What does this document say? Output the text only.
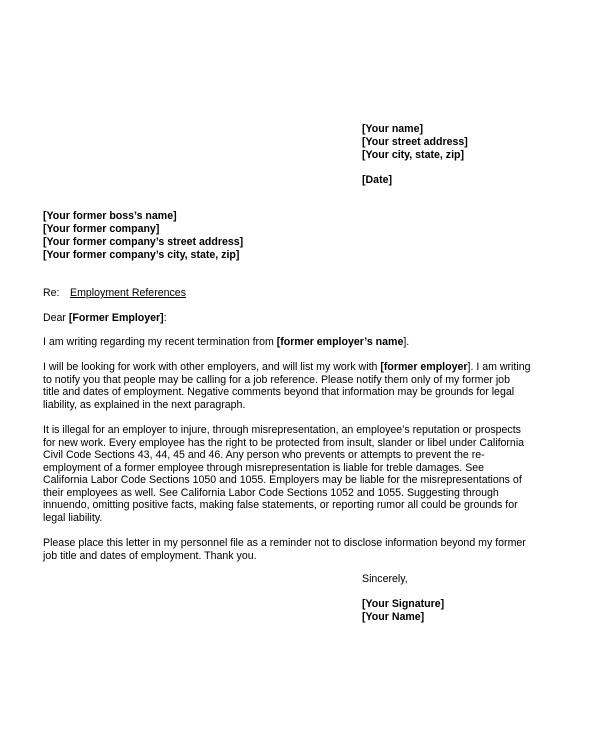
[Your name]
[Your street address]
[Your city, state, zip]
[Date]
[Your former boss’s name]
[Your former company]
[Your former company’s street address]
[Your former company’s city, state, zip]
Re: Employment References
Dear [Former Employer]:
I am writing regarding my recent termination from [former employer’s name].
I will be looking for work with other employers, and will list my work with [former employer]. I am writing
to notify you that people may be calling for a job reference. Please notify them only of my former job
title and dates of employment. Negative comments beyond that information may be grounds for legal
liability, as explained in the next paragraph.
It is illegal for an employer to injure, through misrepresentation, an employee’s reputation or prospects
for new work. Every employee has the right to be protected from insult, slander or libel under California
Civil Code Sections 43, 44, 45 and 46. Any person who prevents or attempts to prevent the re-
employment of a former employee through misrepresentation is liable for treble damages. See
California Labor Code Sections 1050 and 1055. Employers may be liable for the misrepresentations of
their employees as well. See California Labor Code Sections 1052 and 1055. Suggesting through
innuendo, omitting positive facts, making false statements, or reporting rumor all could be grounds for
legal liability.
Please place this letter in my personnel file as a reminder not to disclose information beyond my former
job title and dates of employment. Thank you.
Sincerely,
[Your Signature]
[Your Name]
